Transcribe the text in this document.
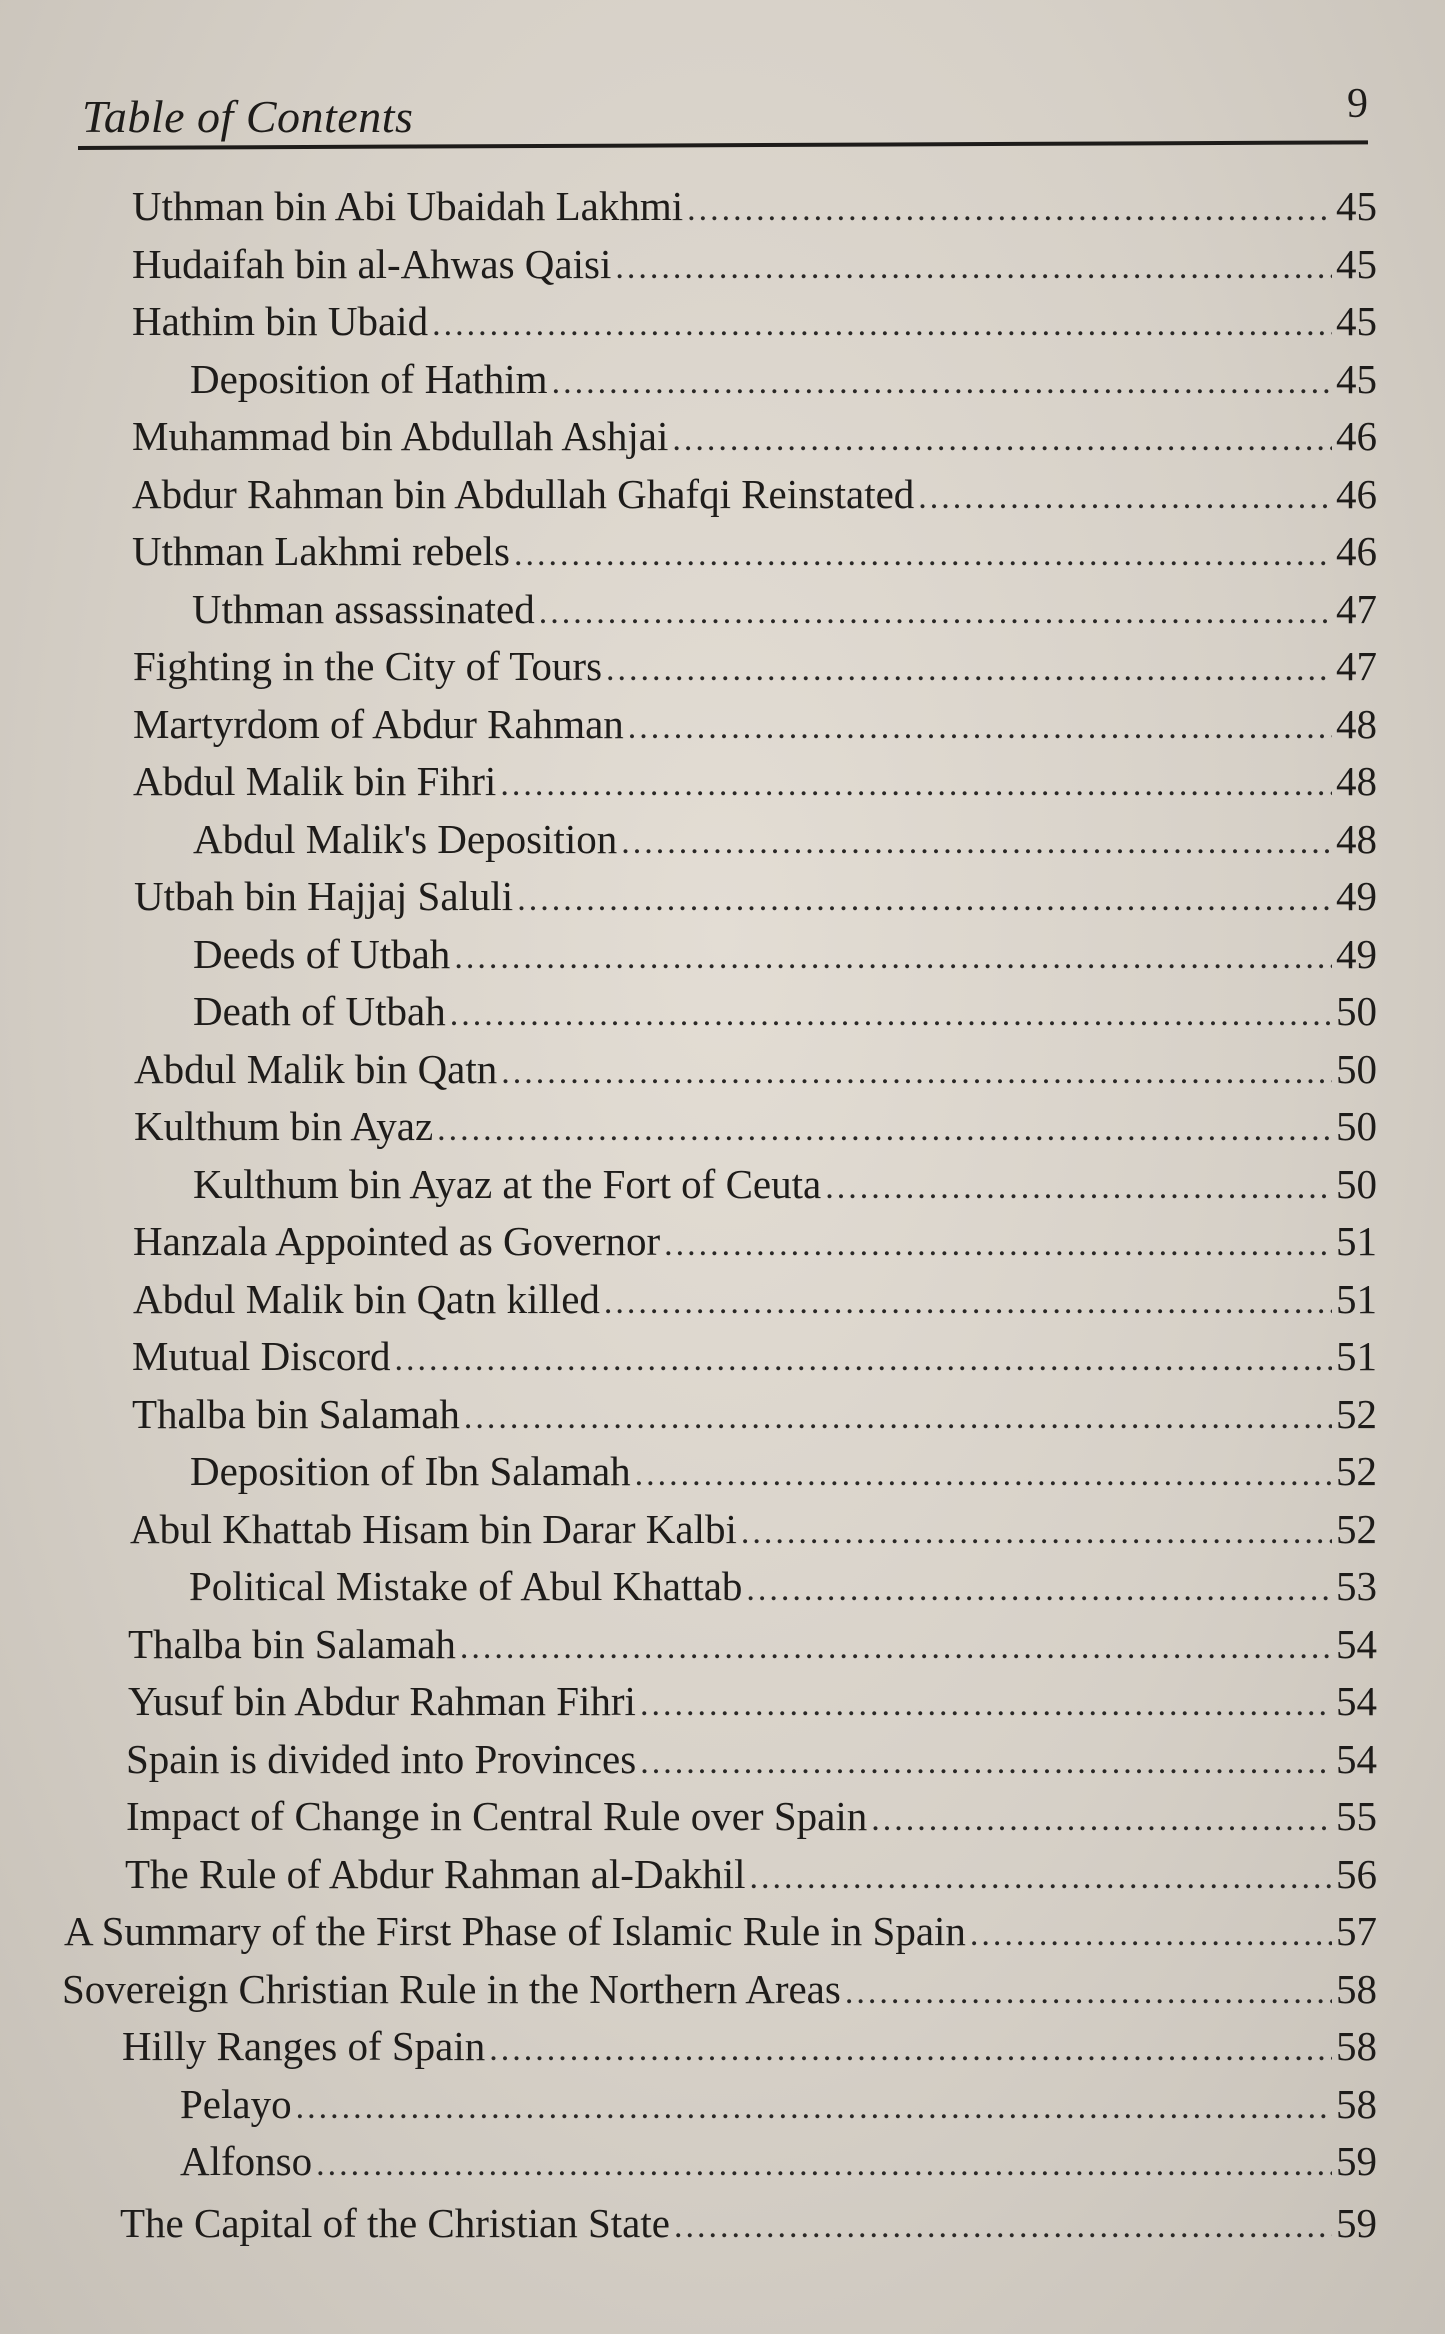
Table of Contents	9
Uthman bin Abi Ubaidah Lakhmi .....	45
Hudaifah bin al-Ahwas Qaisi .....	45
Hathim bin Ubaid .....	45
Deposition of Hathim .....	45
Muhammad bin Abdullah Ashjai .....	46
Abdur Rahman bin Abdullah Ghafqi Reinstated .....	46
Uthman Lakhmi rebels .....	46
Uthman assassinated .....	47
Fighting in the City of Tours .....	47
Martyrdom of Abdur Rahman .....	48
Abdul Malik bin Fihri .....	48
Abdul Malik's Deposition .....	48
Utbah bin Hajjaj Saluli .....	49
Deeds of Utbah .....	49
Death of Utbah .....	50
Abdul Malik bin Qatn .....	50
Kulthum bin Ayaz .....	50
Kulthum bin Ayaz at the Fort of Ceuta .....	50
Hanzala Appointed as Governor .....	51
Abdul Malik bin Qatn killed .....	51
Mutual Discord .....	51
Thalba bin Salamah .....	52
Deposition of Ibn Salamah .....	52
Abul Khattab Hisam bin Darar Kalbi .....	52
Political Mistake of Abul Khattab .....	53
Thalba bin Salamah .....	54
Yusuf bin Abdur Rahman Fihri .....	54
Spain is divided into Provinces .....	54
Impact of Change in Central Rule over Spain .....	55
The Rule of Abdur Rahman al-Dakhil .....	56
A Summary of the First Phase of Islamic Rule in Spain .....	57
Sovereign Christian Rule in the Northern Areas .....	58
Hilly Ranges of Spain .....	58
Pelayo .....	58
Alfonso .....	59
The Capital of the Christian State .....	59
